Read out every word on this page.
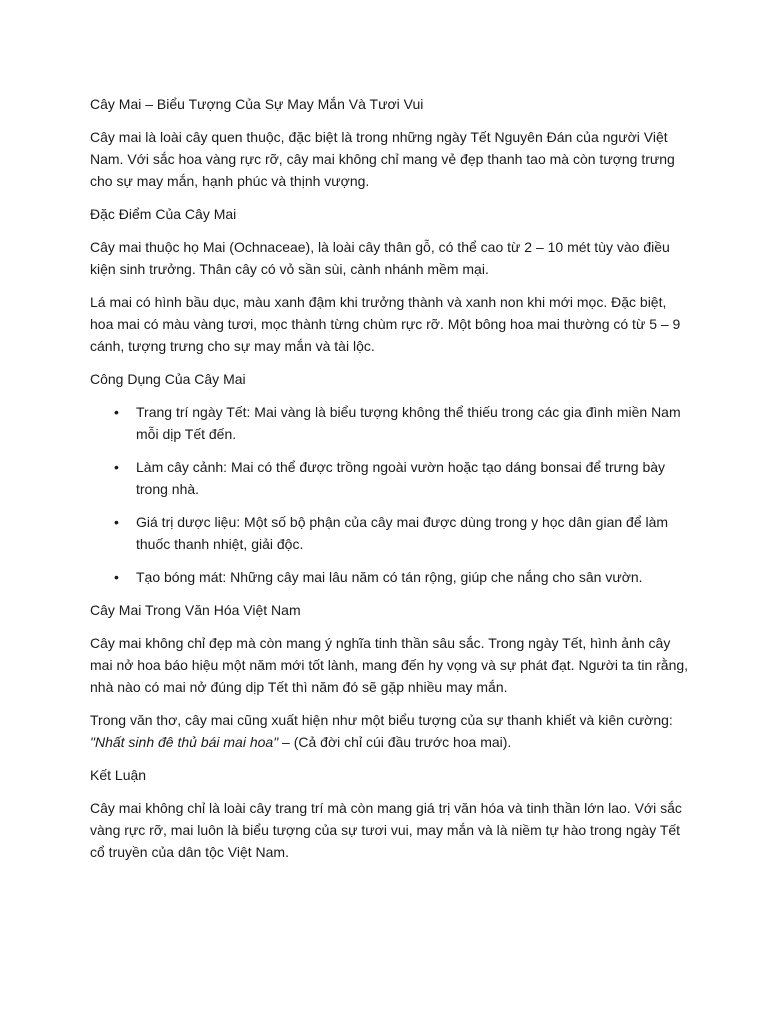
Cây Mai – Biểu Tượng Của Sự May Mắn Và Tươi Vui

Cây mai là loài cây quen thuộc, đặc biệt là trong những ngày Tết Nguyên Đán của người Việt Nam. Với sắc hoa vàng rực rỡ, cây mai không chỉ mang vẻ đẹp thanh tao mà còn tượng trưng cho sự may mắn, hạnh phúc và thịnh vượng.

Đặc Điểm Của Cây Mai

Cây mai thuộc họ Mai (Ochnaceae), là loài cây thân gỗ, có thể cao từ 2 – 10 mét tùy vào điều kiện sinh trưởng. Thân cây có vỏ sần sùi, cành nhánh mềm mại.

Lá mai có hình bầu dục, màu xanh đậm khi trưởng thành và xanh non khi mới mọc. Đặc biệt, hoa mai có màu vàng tươi, mọc thành từng chùm rực rỡ. Một bông hoa mai thường có từ 5 – 9 cánh, tượng trưng cho sự may mắn và tài lộc.

Công Dụng Của Cây Mai

• Trang trí ngày Tết: Mai vàng là biểu tượng không thể thiếu trong các gia đình miền Nam mỗi dịp Tết đến.
• Làm cây cảnh: Mai có thể được trồng ngoài vườn hoặc tạo dáng bonsai để trưng bày trong nhà.
• Giá trị dược liệu: Một số bộ phận của cây mai được dùng trong y học dân gian để làm thuốc thanh nhiệt, giải độc.
• Tạo bóng mát: Những cây mai lâu năm có tán rộng, giúp che nắng cho sân vườn.

Cây Mai Trong Văn Hóa Việt Nam

Cây mai không chỉ đẹp mà còn mang ý nghĩa tinh thần sâu sắc. Trong ngày Tết, hình ảnh cây mai nở hoa báo hiệu một năm mới tốt lành, mang đến hy vọng và sự phát đạt. Người ta tin rằng, nhà nào có mai nở đúng dịp Tết thì năm đó sẽ gặp nhiều may mắn.

Trong văn thơ, cây mai cũng xuất hiện như một biểu tượng của sự thanh khiết và kiên cường: "Nhất sinh đê thủ bái mai hoa" – (Cả đời chỉ cúi đầu trước hoa mai).

Kết Luận

Cây mai không chỉ là loài cây trang trí mà còn mang giá trị văn hóa và tinh thần lớn lao. Với sắc vàng rực rỡ, mai luôn là biểu tượng của sự tươi vui, may mắn và là niềm tự hào trong ngày Tết cổ truyền của dân tộc Việt Nam.
